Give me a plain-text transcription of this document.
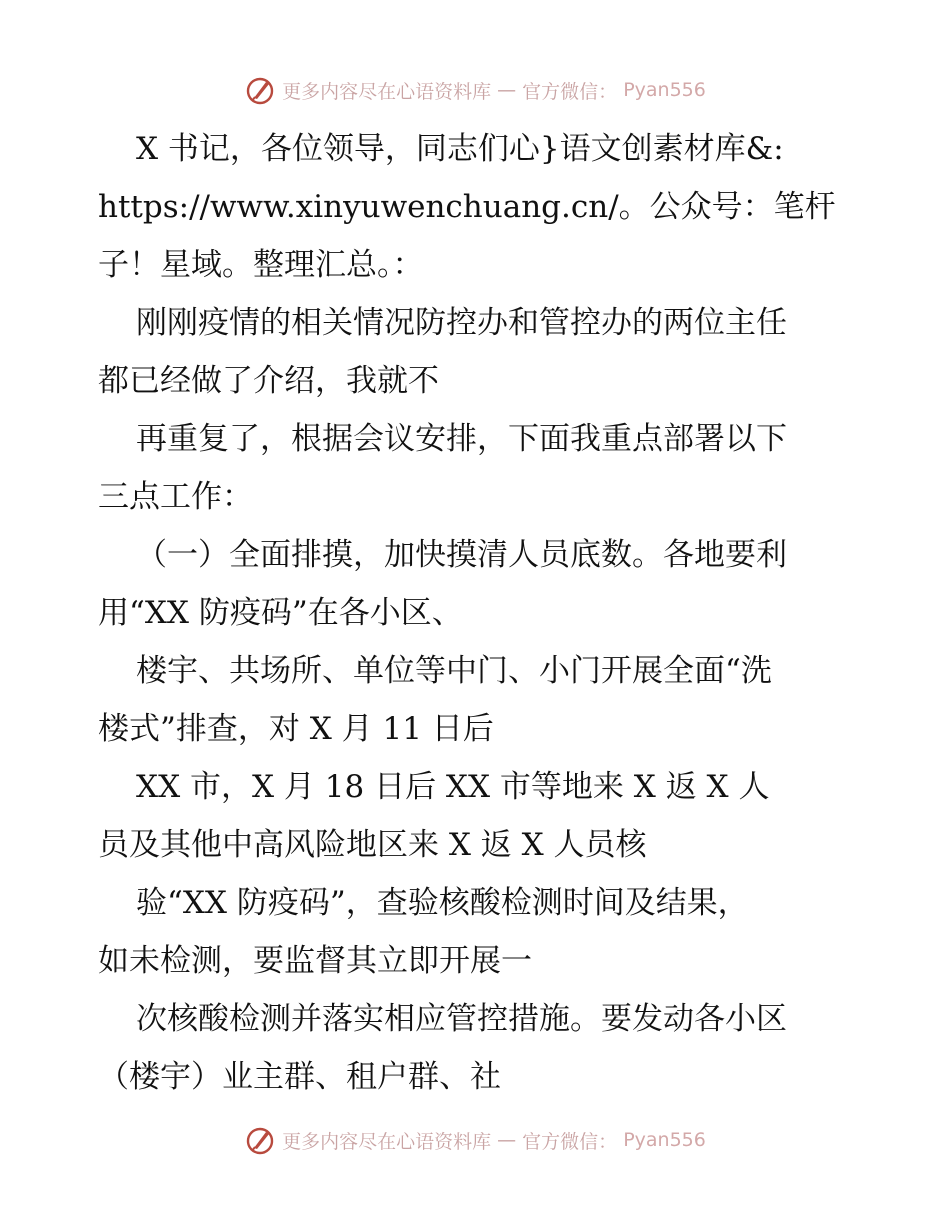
更多内容尽在心语资料库 — 官方微信： Pyan556
X 书记，各位领导，同志们心}语文创素材库&:
https://www.xinyuwenchuang.cn/。公众号：笔杆
子！星域。整理汇总。：
刚刚疫情的相关情况防控办和管控办的两位主任
都已经做了介绍，我就不
再重复了，根据会议安排，下面我重点部署以下
三点工作：
（一）全面排摸，加快摸清人员底数。各地要利
用“XX 防疫码”在各小区、
楼宇、共场所、单位等中门、小门开展全面“洗
楼式”排查，对 X 月 11 日后
XX 市，X 月 18 日后 XX 市等地来 X 返 X 人
员及其他中高风险地区来 X 返 X 人员核
验“XX 防疫码”，查验核酸检测时间及结果，
如未检测，要监督其立即开展一
次核酸检测并落实相应管控措施。要发动各小区
（楼宇）业主群、租户群、社
更多内容尽在心语资料库 — 官方微信： Pyan556
